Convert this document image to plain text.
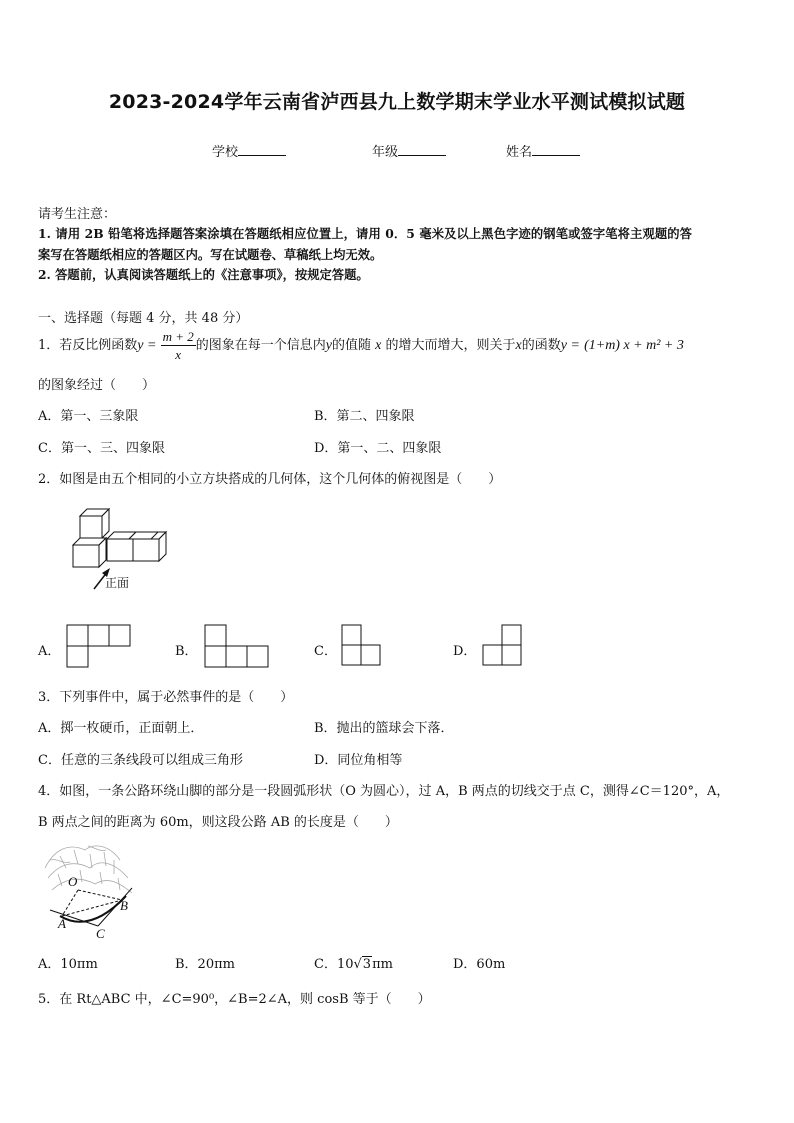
2023-2024学年云南省泸西县九上数学期末学业水平测试模拟试题
学校	年级	姓名
请考生注意：
1. 请用 2B 铅笔将选择题答案涂填在答题纸相应位置上，请用 0．5 毫米及以上黑色字迹的钢笔或签字笔将主观题的答
案写在答题纸相应的答题区内。写在试题卷、草稿纸上均无效。
2. 答题前，认真阅读答题纸上的《注意事项》，按规定答题。
一、选择题（每题 4 分，共 48 分）
1．若反比例函数$y = \frac{m + 2}{x}$ 的图象在每一个信息内y的值随 x 的增大而增大，则关于x的函数y = (1+m) x + m² + 3
的图象经过（　　）
A．第一、三象限	B．第二、四象限
C．第一、三、四象限	D．第一、二、四象限
2．如图是由五个相同的小立方块搭成的几何体，这个几何体的俯视图是（　　）
正面
A．	B．	C．	D．
3．下列事件中，属于必然事件的是（　　）
A．掷一枚硬币，正面朝上．	B．抛出的篮球会下落．
C．任意的三条线段可以组成三角形	D．同位角相等
4．如图，一条公路环绕山脚的部分是一段圆弧形状（O 为圆心），过 A，B 两点的切线交于点 C，测得∠C＝120°，A，
B 两点之间的距离为 60m，则这段公路 AB 的长度是（　　）
O
A
B
C
A．10πm	B．20πm	C．10√3πm	D．60m
5．在 Rt△ABC 中，∠C=90⁰，∠B=2∠A，则 cosB 等于（　　）
